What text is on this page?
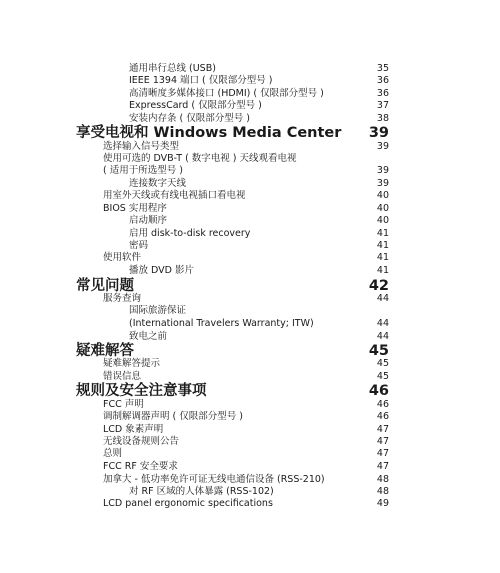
通用串行总线 (USB)	35
IEEE 1394 端口 ( 仅限部分型号 )	36
高清晰度多媒体接口 (HDMI) ( 仅限部分型号 )	36
ExpressCard ( 仅限部分型号 )	37
安装内存条 ( 仅限部分型号 )	38
享受电视和 Windows Media Center 39
选择输入信号类型	39
使用可选的 DVB-T ( 数字电视 ) 天线观看电视
( 适用于所选型号 )	39
连接数字天线	39
用室外天线或有线电视插口看电视	40
BIOS 实用程序	40
启动顺序	40
启用 disk-to-disk recovery	41
密码	41
使用软件	41
播放 DVD 影片	41
常见问题	42
服务查询	44
国际旅游保证
(International Travelers Warranty; ITW)	44
致电之前	44
疑难解答	45
疑难解答提示	45
错误信息	45
规则及安全注意事项	46
FCC 声明	46
调制解调器声明 ( 仅限部分型号 )	46
LCD 象素声明	47
无线设备规则公告	47
总则	47
FCC RF 安全要求	47
加拿大 - 低功率免许可证无线电通信设备 (RSS-210)	48
对 RF 区域的人体暴露 (RSS-102)	48
LCD panel ergonomic specifications	49
